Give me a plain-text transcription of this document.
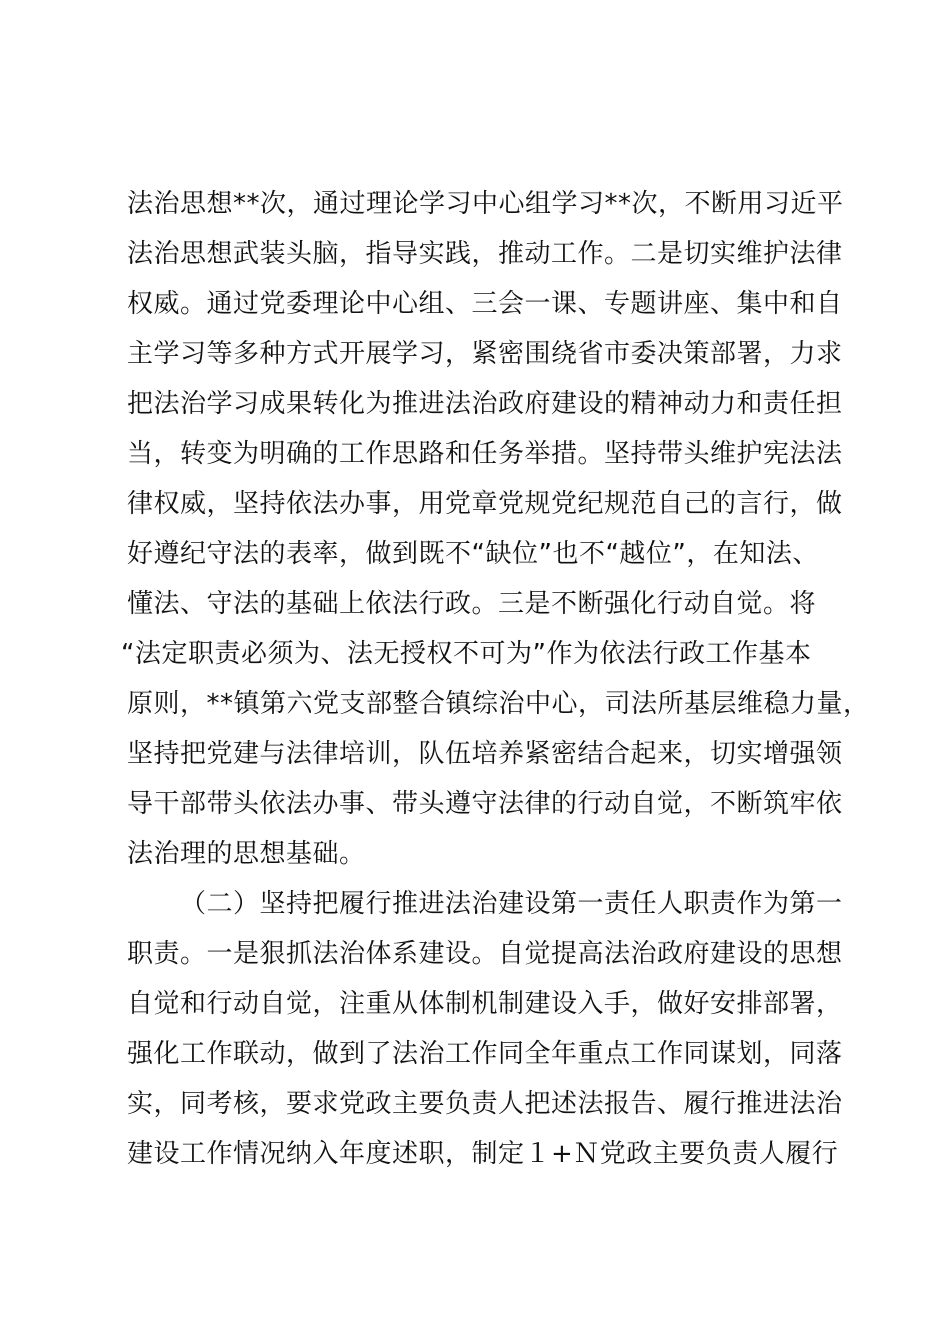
法治思想**次，通过理论学习中心组学习**次，不断用习近平

法治思想武装头脑，指导实践，推动工作。二是切实维护法律

权威。通过党委理论中心组、三会一课、专题讲座、集中和自

主学习等多种方式开展学习，紧密围绕省市委决策部署，力求

把法治学习成果转化为推进法治政府建设的精神动力和责任担

当，转变为明确的工作思路和任务举措。坚持带头维护宪法法

律权威，坚持依法办事，用党章党规党纪规范自己的言行，做

好遵纪守法的表率，做到既不“缺位”也不“越位”，在知法、

懂法、守法的基础上依法行政。三是不断强化行动自觉。将

“法定职责必须为、法无授权不可为”作为依法行政工作基本

原则，**镇第六党支部整合镇综治中心，司法所基层维稳力量，

坚持把党建与法律培训，队伍培养紧密结合起来，切实增强领

导干部带头依法办事、带头遵守法律的行动自觉，不断筑牢依

法治理的思想基础。

（二）坚持把履行推进法治建设第一责任人职责作为第一

职责。一是狠抓法治体系建设。自觉提高法治政府建设的思想

自觉和行动自觉，注重从体制机制建设入手，做好安排部署，

强化工作联动，做到了法治工作同全年重点工作同谋划，同落

实，同考核，要求党政主要负责人把述法报告、履行推进法治

建设工作情况纳入年度述职，制定１+Ｎ党政主要负责人履行
